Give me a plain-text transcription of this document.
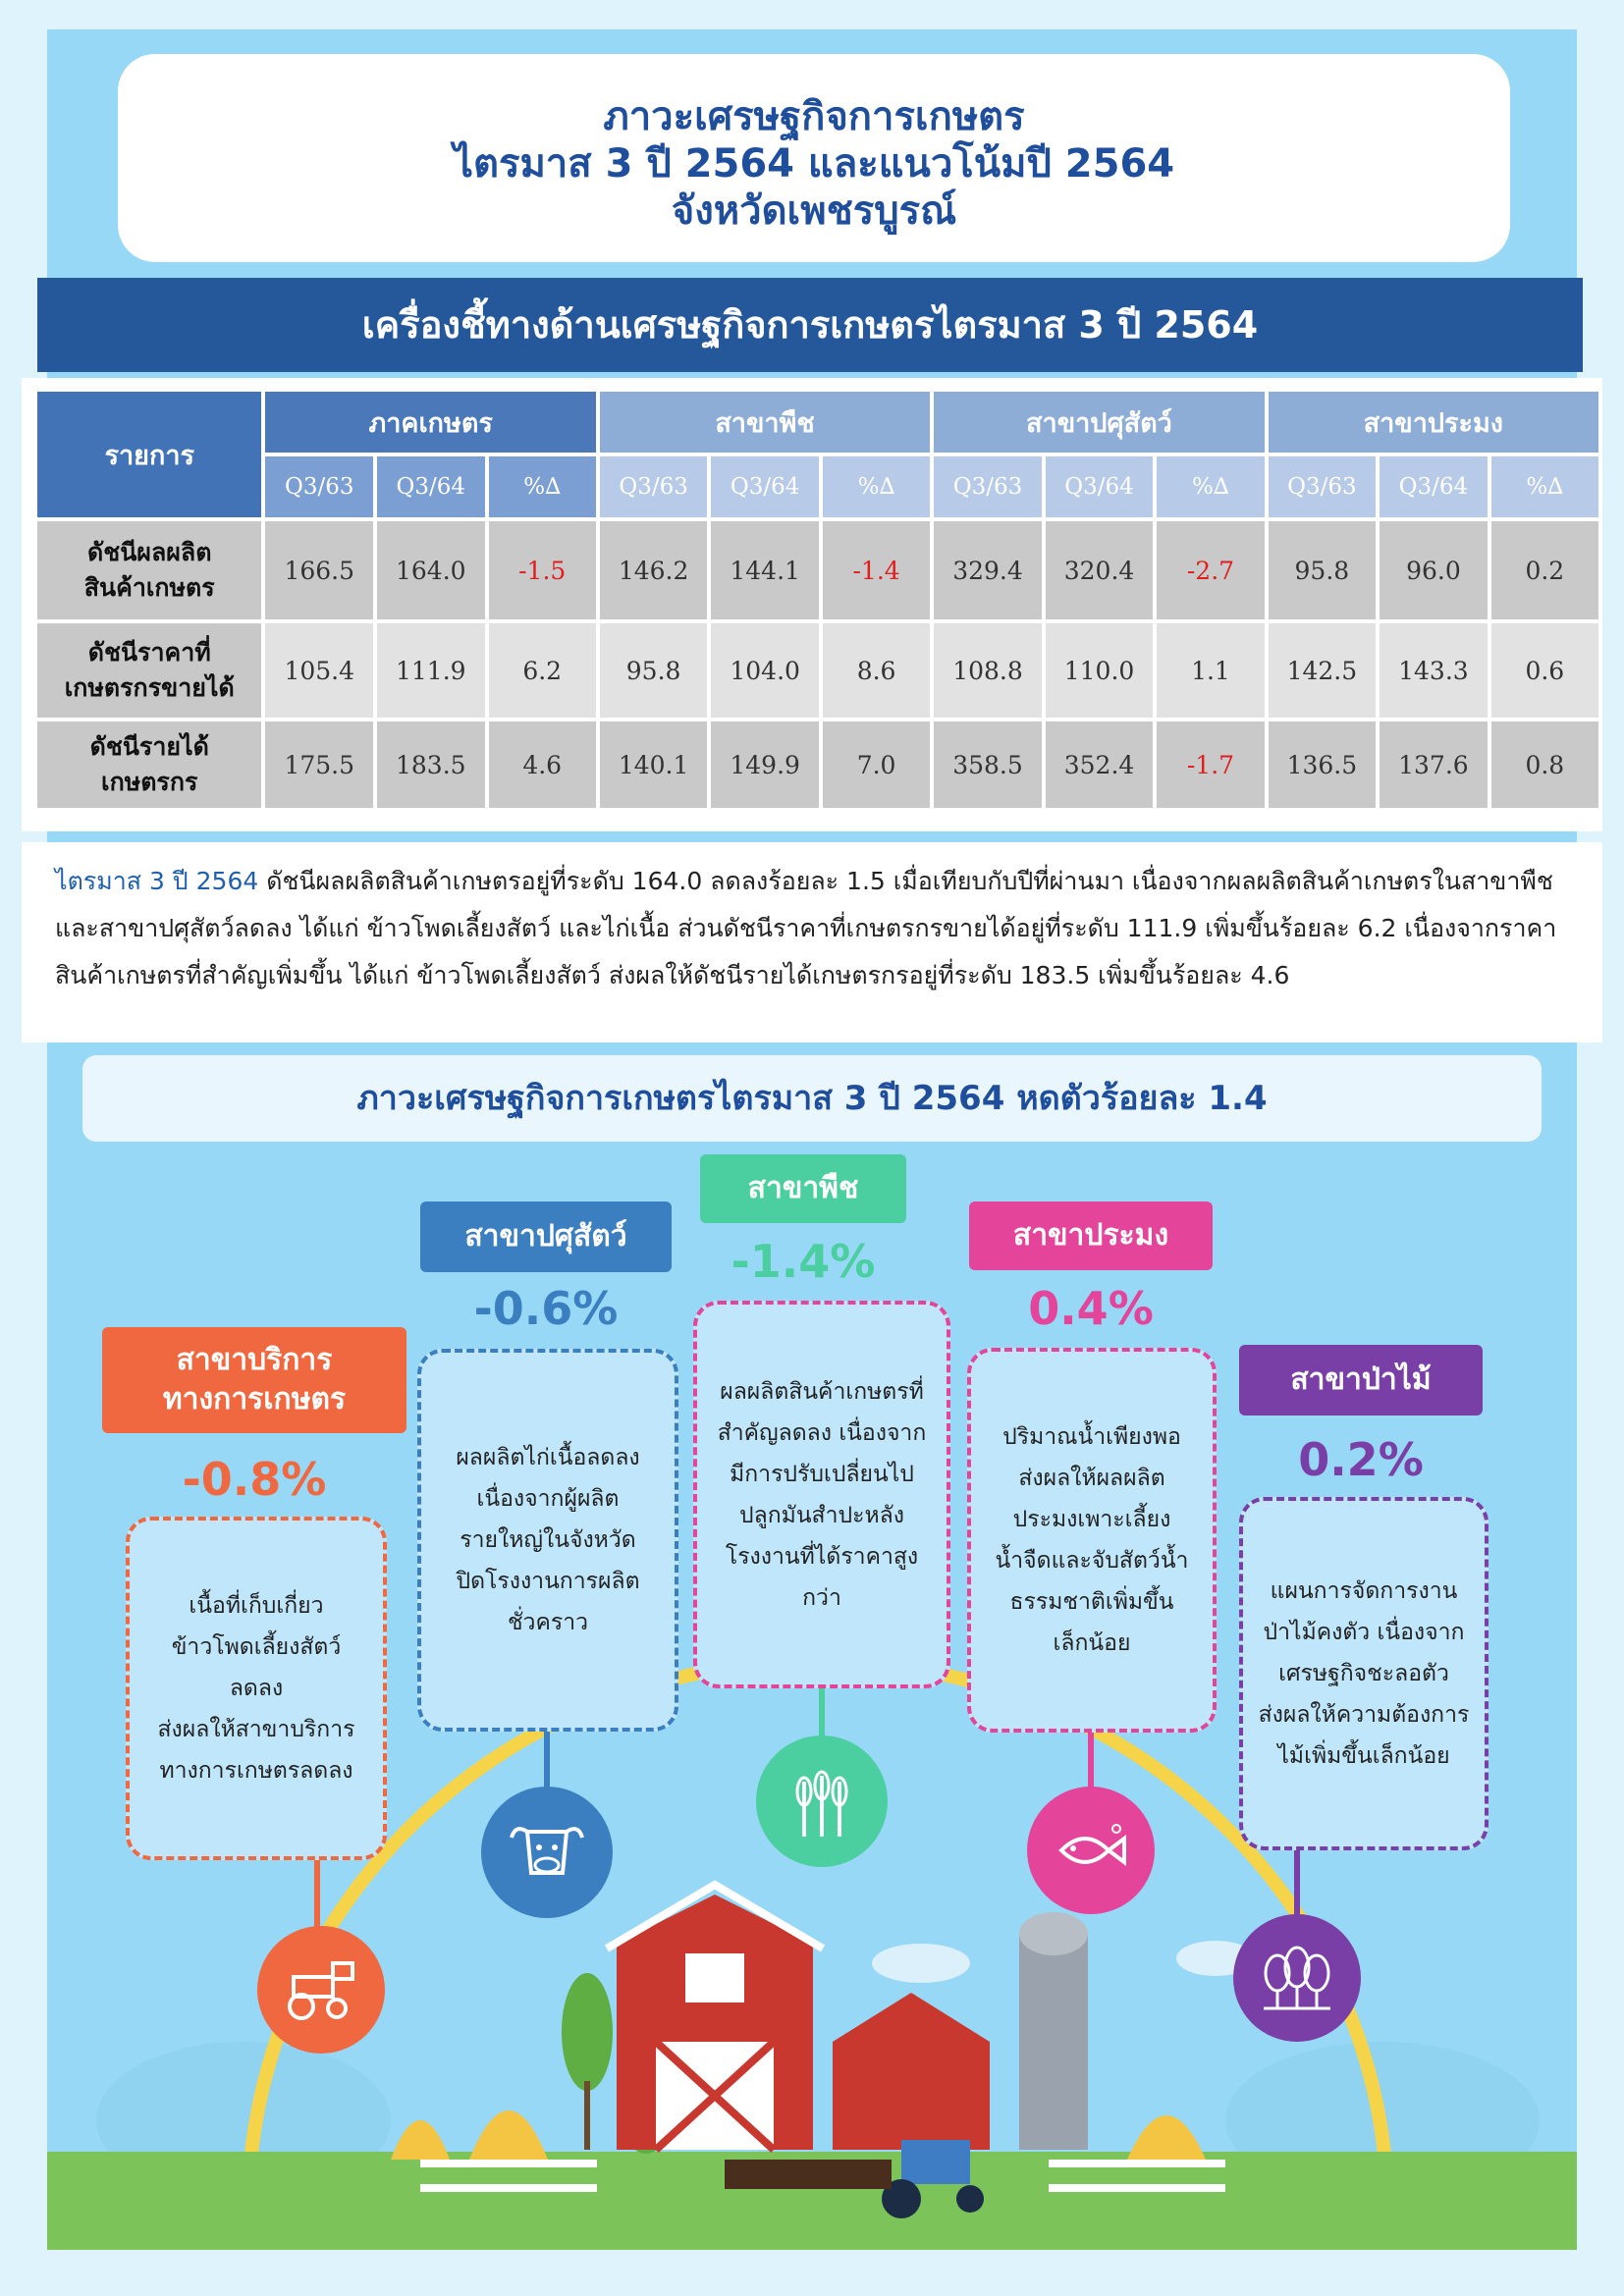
ภาวะเศรษฐกิจการเกษตร
ไตรมาส 3 ปี 2564 และแนวโน้มปี 2564
จังหวัดเพชรบูรณ์
เครื่องชี้ทางด้านเศรษฐกิจการเกษตรไตรมาส 3 ปี 2564
รายการ	ภาคเกษตร			สาขาพืช			สาขาปศุสัตว์			สาขาประมง		
	Q3/63	Q3/64	%∆	Q3/63	Q3/64	%∆	Q3/63	Q3/64	%∆	Q3/63	Q3/64	%∆
ดัชนีผลผลิต
สินค้าเกษตร	166.5	164.0	-1.5	146.2	144.1	-1.4	329.4	320.4	-2.7	95.8	96.0	0.2
ดัชนีราคาที่
เกษตรกรขายได้	105.4	111.9	6.2	95.8	104.0	8.6	108.8	110.0	1.1	142.5	143.3	0.6
ดัชนีรายได้
เกษตรกร	175.5	183.5	4.6	140.1	149.9	7.0	358.5	352.4	-1.7	136.5	137.6	0.8
ไตรมาส 3 ปี 2564 ดัชนีผลผลิตสินค้าเกษตรอยู่ที่ระดับ 164.0 ลดลงร้อยละ 1.5 เมื่อเทียบกับปีที่ผ่านมา เนื่องจากผลผลิตสินค้าเกษตรในสาขาพืช และสาขาปศุสัตว์ลดลง ได้แก่ ข้าวโพดเลี้ยงสัตว์ และไก่เนื้อ ส่วนดัชนีราคาที่เกษตรกรขายได้อยู่ที่ระดับ 111.9 เพิ่มขึ้นร้อยละ 6.2 เนื่องจากราคาสินค้าเกษตรที่สำคัญเพิ่มขึ้น ได้แก่ ข้าวโพดเลี้ยงสัตว์ ส่งผลให้ดัชนีรายได้เกษตรกรอยู่ที่ระดับ 183.5 เพิ่มขึ้นร้อยละ 4.6
ภาวะเศรษฐกิจการเกษตรไตรมาส 3 ปี 2564 หดตัวร้อยละ 1.4
สาขาบริการ
ทางการเกษตร
-0.8%
เนื้อที่เก็บเกี่ยว
ข้าวโพดเลี้ยงสัตว์
ลดลง
ส่งผลให้สาขาบริการ
ทางการเกษตรลดลง
สาขาปศุสัตว์
-0.6%
ผลผลิตไก่เนื้อลดลง
เนื่องจากผู้ผลิต
รายใหญ่ในจังหวัด
ปิดโรงงานการผลิต
ชั่วคราว
สาขาพืช
-1.4%
ผลผลิตสินค้าเกษตรที่
สำคัญลดลง เนื่องจาก
มีการปรับเปลี่ยนไป
ปลูกมันสำปะหลัง
โรงงานที่ได้ราคาสูง
กว่า
สาขาประมง
0.4%
ปริมาณน้ำเพียงพอ
ส่งผลให้ผลผลิต
ประมงเพาะเลี้ยง
น้ำจืดและจับสัตว์น้ำ
ธรรมชาติเพิ่มขึ้น
เล็กน้อย
สาขาป่าไม้
0.2%
แผนการจัดการงาน
ป่าไม้คงตัว เนื่องจาก
เศรษฐกิจชะลอตัว
ส่งผลให้ความต้องการ
ไม้เพิ่มขึ้นเล็กน้อย
